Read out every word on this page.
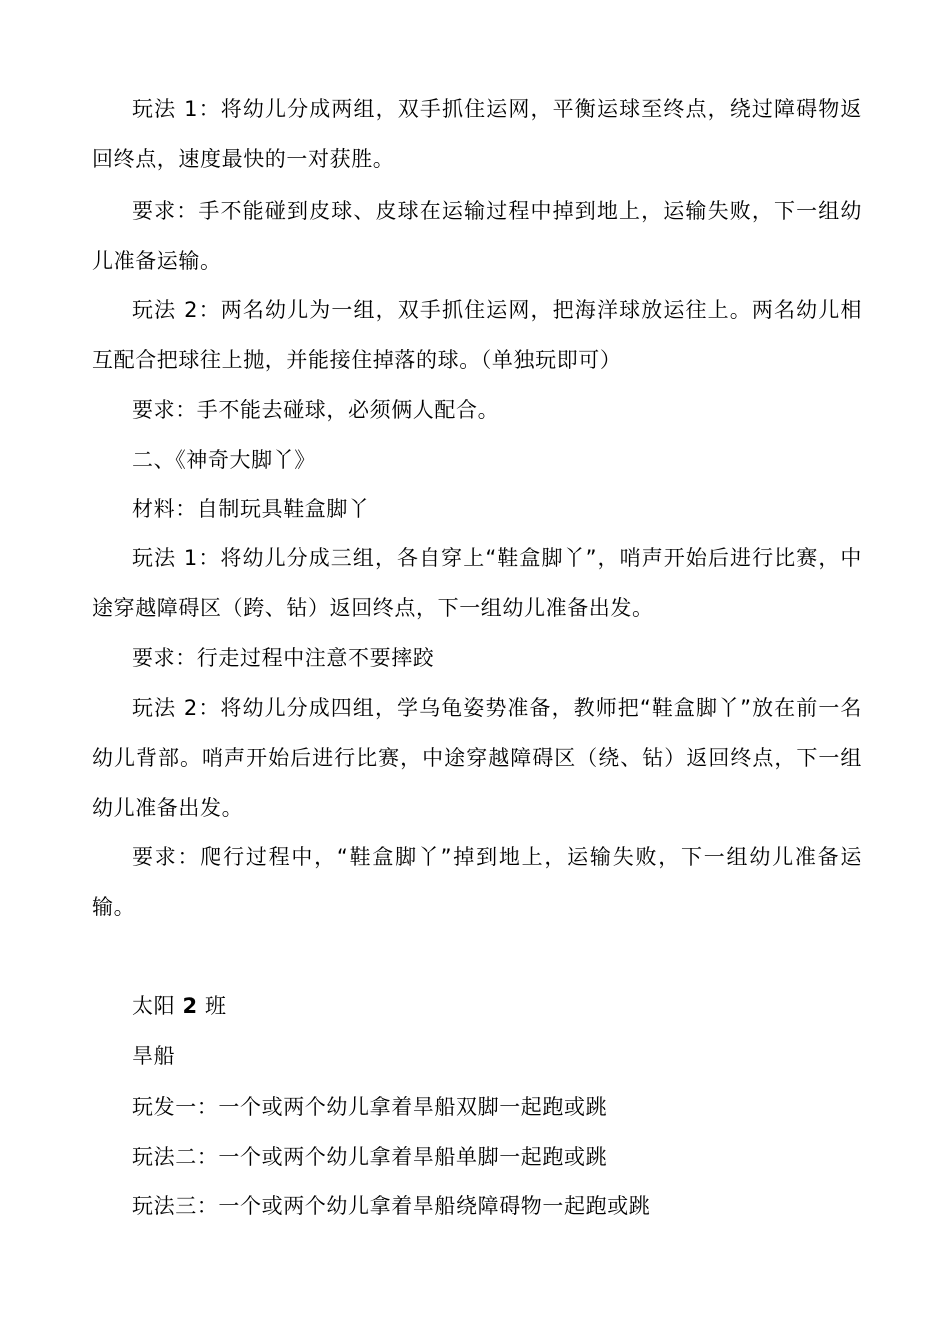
玩法 1：将幼儿分成两组，双手抓住运网，平衡运球至终点，绕过障碍物返回终点，速度最快的一对获胜。

要求：手不能碰到皮球、皮球在运输过程中掉到地上，运输失败，下一组幼儿准备运输。

玩法 2：两名幼儿为一组，双手抓住运网，把海洋球放运往上。两名幼儿相互配合把球往上抛，并能接住掉落的球。（单独玩即可）

要求：手不能去碰球，必须俩人配合。

二、《神奇大脚丫》

材料：自制玩具鞋盒脚丫

玩法 1：将幼儿分成三组，各自穿上“鞋盒脚丫”，哨声开始后进行比赛，中途穿越障碍区（跨、钻）返回终点，下一组幼儿准备出发。

要求：行走过程中注意不要摔跤

玩法 2：将幼儿分成四组，学乌龟姿势准备，教师把“鞋盒脚丫”放在前一名幼儿背部。哨声开始后进行比赛，中途穿越障碍区（绕、钻）返回终点，下一组幼儿准备出发。

要求：爬行过程中，“鞋盒脚丫”掉到地上，运输失败，下一组幼儿准备运输。

太阳 2 班

旱船

玩发一：一个或两个幼儿拿着旱船双脚一起跑或跳

玩法二：一个或两个幼儿拿着旱船单脚一起跑或跳

玩法三：一个或两个幼儿拿着旱船绕障碍物一起跑或跳
